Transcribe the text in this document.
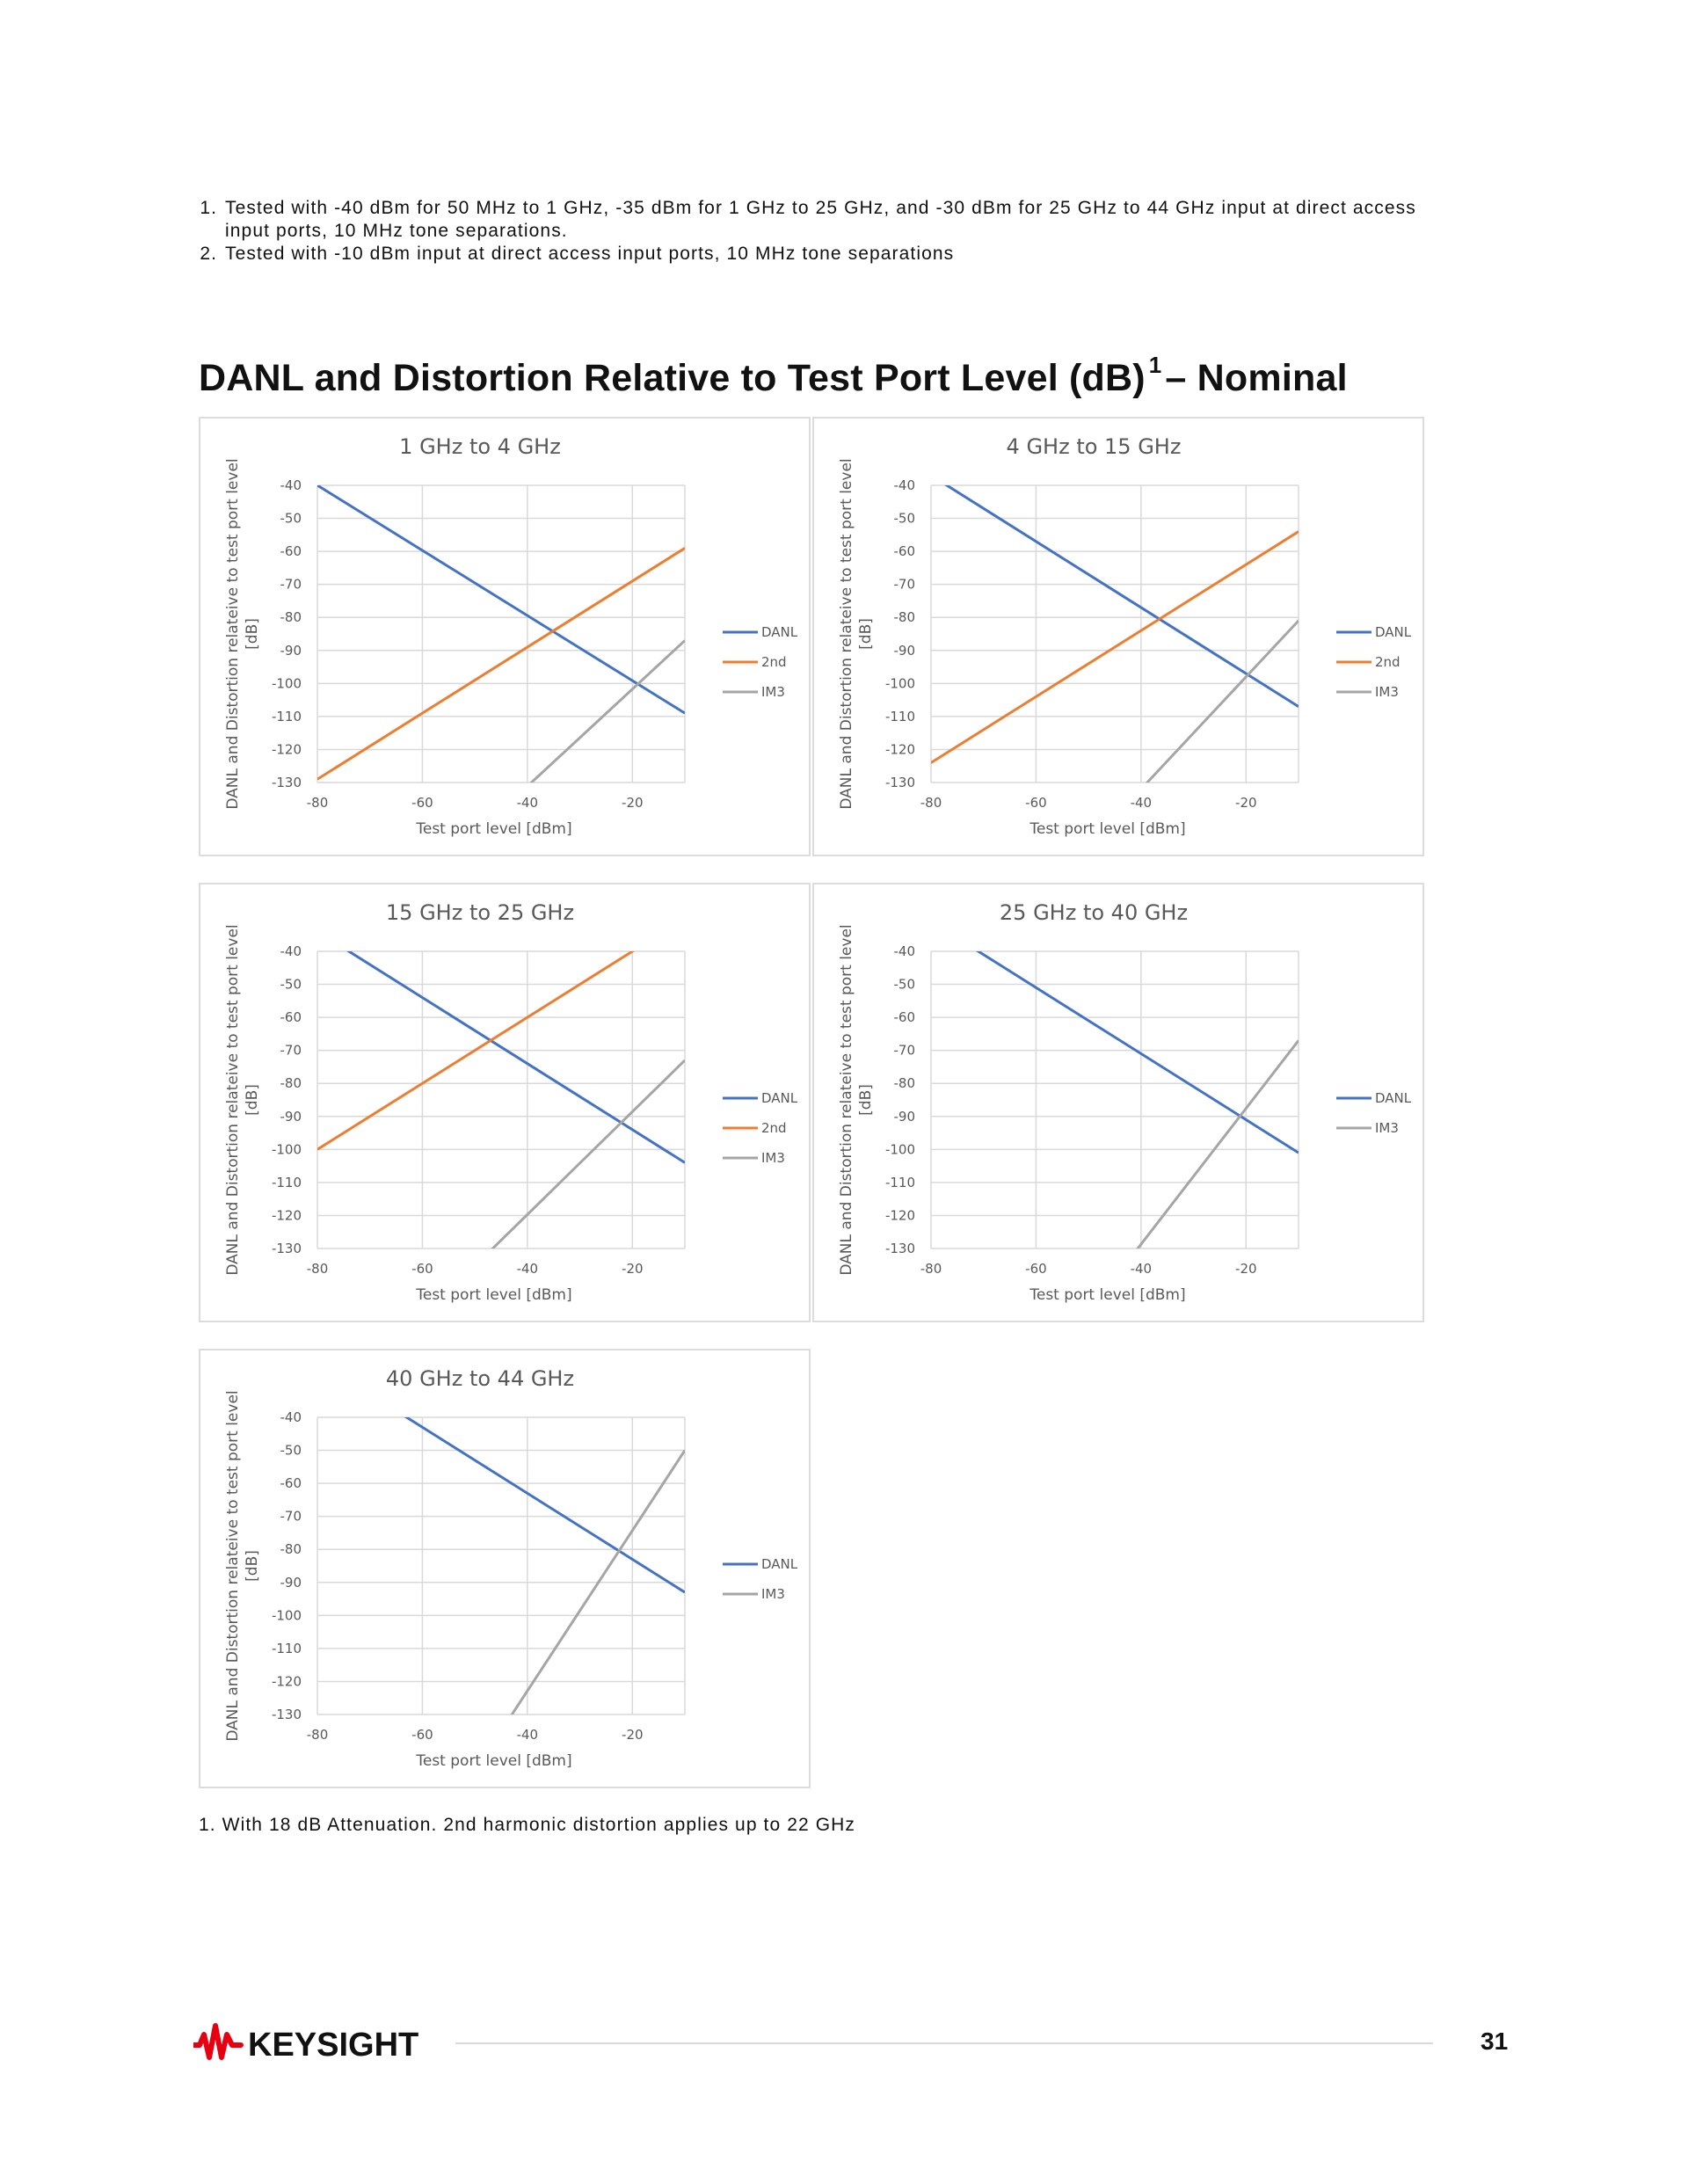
1. Tested with -40 dBm for 50 MHz to 1 GHz, -35 dBm for 1 GHz to 25 GHz, and -30 dBm for 25 GHz to 44 GHz input at direct access input ports, 10 MHz tone separations.
2. Tested with -10 dBm input at direct access input ports, 10 MHz tone separations
DANL and Distortion Relative to Test Port Level (dB) $^1$– Nominal
1 GHz to 4 GHz
-40
-50
-60
-70
-80
-90
-100
-110
-120
-130
-80	-60	-40	-20
Test port level [dBm]
DANL and Distortion relateive to test port level [dB]	DANL
2nd
IM3
4 GHz to 15 GHz
-40
-50
-60
-70
-80
-90
-100
-110
-120
-130
-80	-60	-40	-20
Test port level [dBm]
DANL and Distortion relateive to test port level [dB]	DANL
2nd
IM3
15 GHz to 25 GHz
-40
-50
-60
-70
-80
-90
-100
-110
-120
-130
-80	-60	-40	-20
Test port level [dBm]
DANL and Distortion relateive to test port level [dB]	DANL
2nd
IM3
25 GHz to 40 GHz
-40
-50
-60
-70
-80
-90
-100
-110
-120
-130
-80	-60	-40	-20
Test port level [dBm]
DANL and Distortion relateive to test port level [dB]	DANL
IM3
40 GHz to 44 GHz
-40
-50
-60
-70
-80
-90
-100
-110
-120
-130
-80	-60	-40	-20
Test port level [dBm]
DANL and Distortion relateive to test port level [dB]	DANL
IM3

1. With 18 dB Attenuation. 2nd harmonic distortion applies up to 22 GHz

KEYSIGHT	31
